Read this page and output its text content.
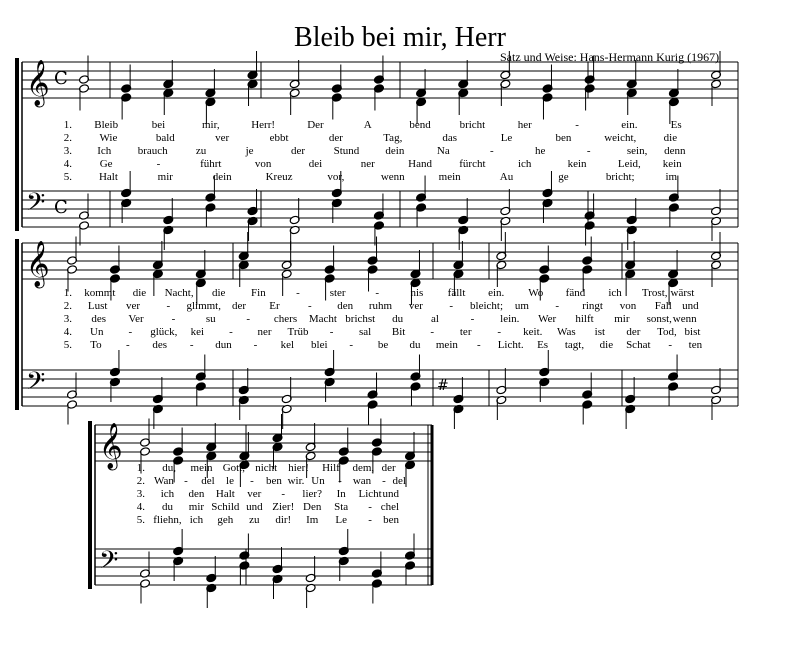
Bleib bei mir, Herr
Satz und Weise: Hans-Hermann Kurig (1967)
𝄞
𝄢
C
C
𝄞
𝄢
𝄞
𝄢
#
1. Bleib	bei	mir,	Herr!	Der	A	bend	bricht	her	-	ein.	Es
2. Wie	bald	ver	ebbt	der	Tag,	das	Le	ben	weicht, die
3. Ich brauch	zu	je	der	Stund dein	Na	-	he	-	sein, denn
4.	Ge	-	führt	von	dei	ner	Hand fürcht	ich	kein	Leid, kein
5. Halt	mir	dein	Kreuz	vor,	wenn	mein	Au	ge	bricht;	im
1. kommt die Nacht, die Fin	-	ster	-	nis fällt ein. Wo fänd ich Trost, wärst
2. Lust ver - glimmt, der Er	- den ruhm ver - bleicht; um - ringt von Fall und
3. des Ver	-	su	- chers Macht brichst du	al	- lein. Wer hilft mir sonst, wenn
4. Un - glück, kei - ner Trüb - sal Bit - ter - keit. Was ist der Tod, bist
5. To - des - dun - kel blei - be du mein - Licht. Es tagt, die Schat - ten
1. du, mein Gott, nicht hier! Hilf dem, der
2. Wan - del le - ben wir. Un - wan - del
3. ich den Halt ver - lier? In Licht und
4. du mir Schild und Zier! Den Sta - chel
5. fliehn, ich geh zu dir! Im Le - ben
